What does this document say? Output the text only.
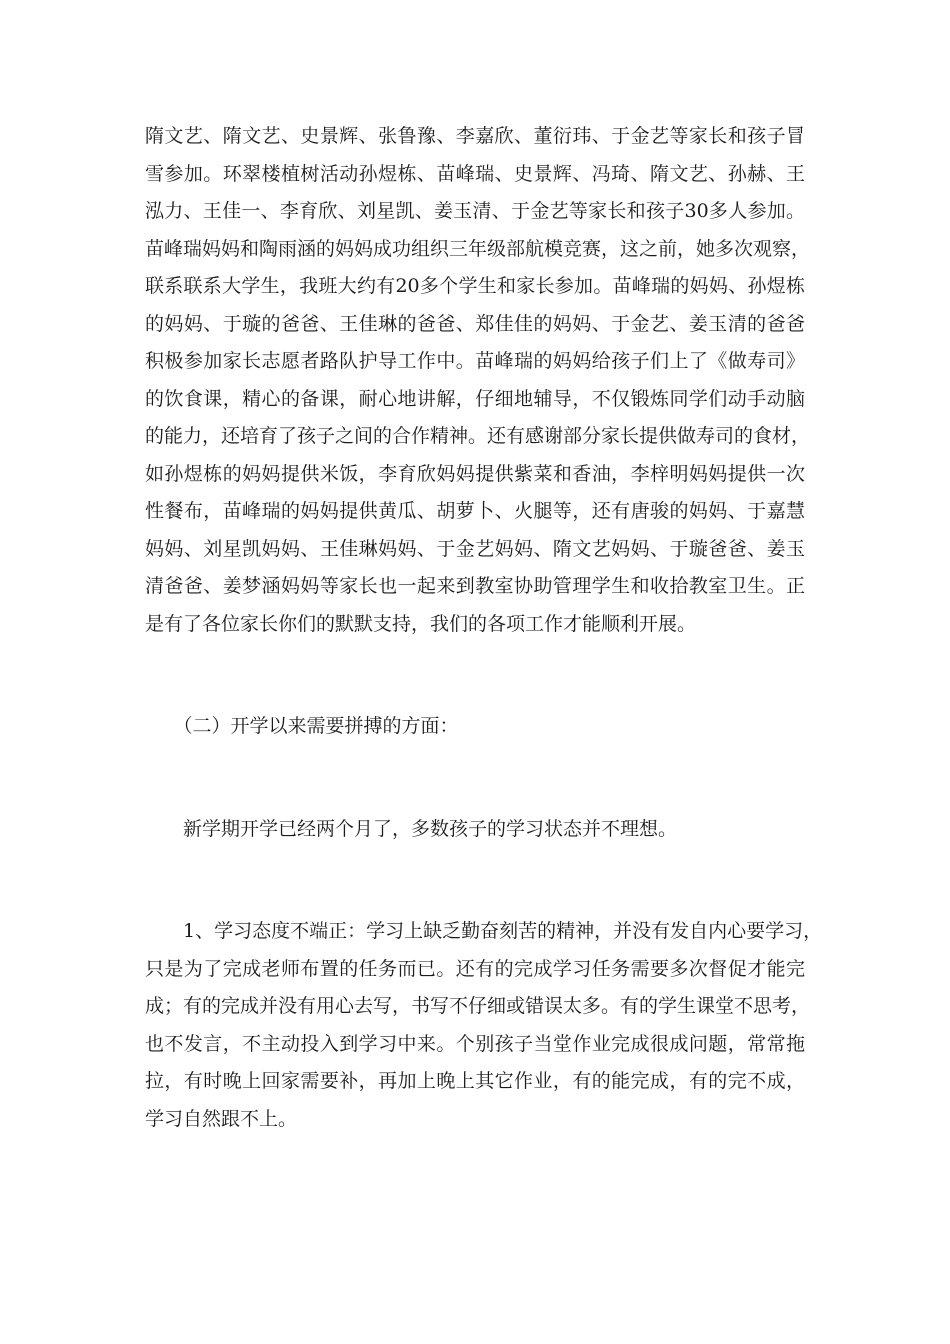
隋文艺、隋文艺、史景辉、张鲁豫、李嘉欣、董衍玮、于金艺等家长和孩子冒
雪参加。环翠楼植树活动孙煜栋、苗峰瑞、史景辉、冯琦、隋文艺、孙赫、王
泓力、王佳一、李育欣、刘星凯、姜玉清、于金艺等家长和孩子30多人参加。
苗峰瑞妈妈和陶雨涵的妈妈成功组织三年级部航模竞赛，这之前，她多次观察，
联系联系大学生，我班大约有20多个学生和家长参加。苗峰瑞的妈妈、孙煜栋
的妈妈、于璇的爸爸、王佳琳的爸爸、郑佳佳的妈妈、于金艺、姜玉清的爸爸
积极参加家长志愿者路队护导工作中。苗峰瑞的妈妈给孩子们上了《做寿司》
的饮食课，精心的备课，耐心地讲解，仔细地辅导，不仅锻炼同学们动手动脑
的能力，还培育了孩子之间的合作精神。还有感谢部分家长提供做寿司的食材，
如孙煜栋的妈妈提供米饭，李育欣妈妈提供紫菜和香油，李梓明妈妈提供一次
性餐布，苗峰瑞的妈妈提供黄瓜、胡萝卜、火腿等，还有唐骏的妈妈、于嘉慧
妈妈、刘星凯妈妈、王佳琳妈妈、于金艺妈妈、隋文艺妈妈、于璇爸爸、姜玉
清爸爸、姜梦涵妈妈等家长也一起来到教室协助管理学生和收拾教室卫生。正
是有了各位家长你们的默默支持，我们的各项工作才能顺利开展。
　　（二）开学以来需要拼搏的方面：
　　新学期开学已经两个月了，多数孩子的学习状态并不理想。
　　1、学习态度不端正：学习上缺乏勤奋刻苦的精神，并没有发自内心要学习，
只是为了完成老师布置的任务而已。还有的完成学习任务需要多次督促才能完
成；有的完成并没有用心去写，书写不仔细或错误太多。有的学生课堂不思考，
也不发言，不主动投入到学习中来。个别孩子当堂作业完成很成问题，常常拖
拉，有时晚上回家需要补，再加上晚上其它作业，有的能完成，有的完不成，
学习自然跟不上。
